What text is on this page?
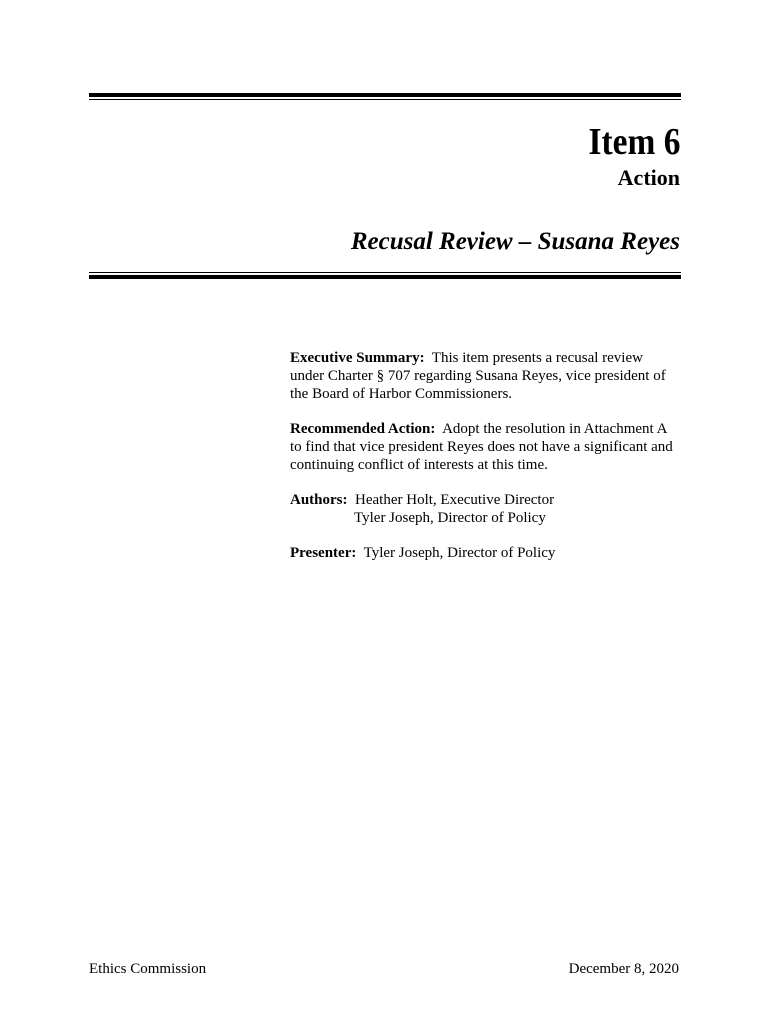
Item 6
Action
Recusal Review – Susana Reyes

Executive Summary: This item presents a recusal review
under Charter § 707 regarding Susana Reyes, vice president of
the Board of Harbor Commissioners.

Recommended Action: Adopt the resolution in Attachment A
to find that vice president Reyes does not have a significant and
continuing conflict of interests at this time.

Authors: Heather Holt, Executive Director
Tyler Joseph, Director of Policy

Presenter: Tyler Joseph, Director of Policy

Ethics Commission	December 8, 2020
